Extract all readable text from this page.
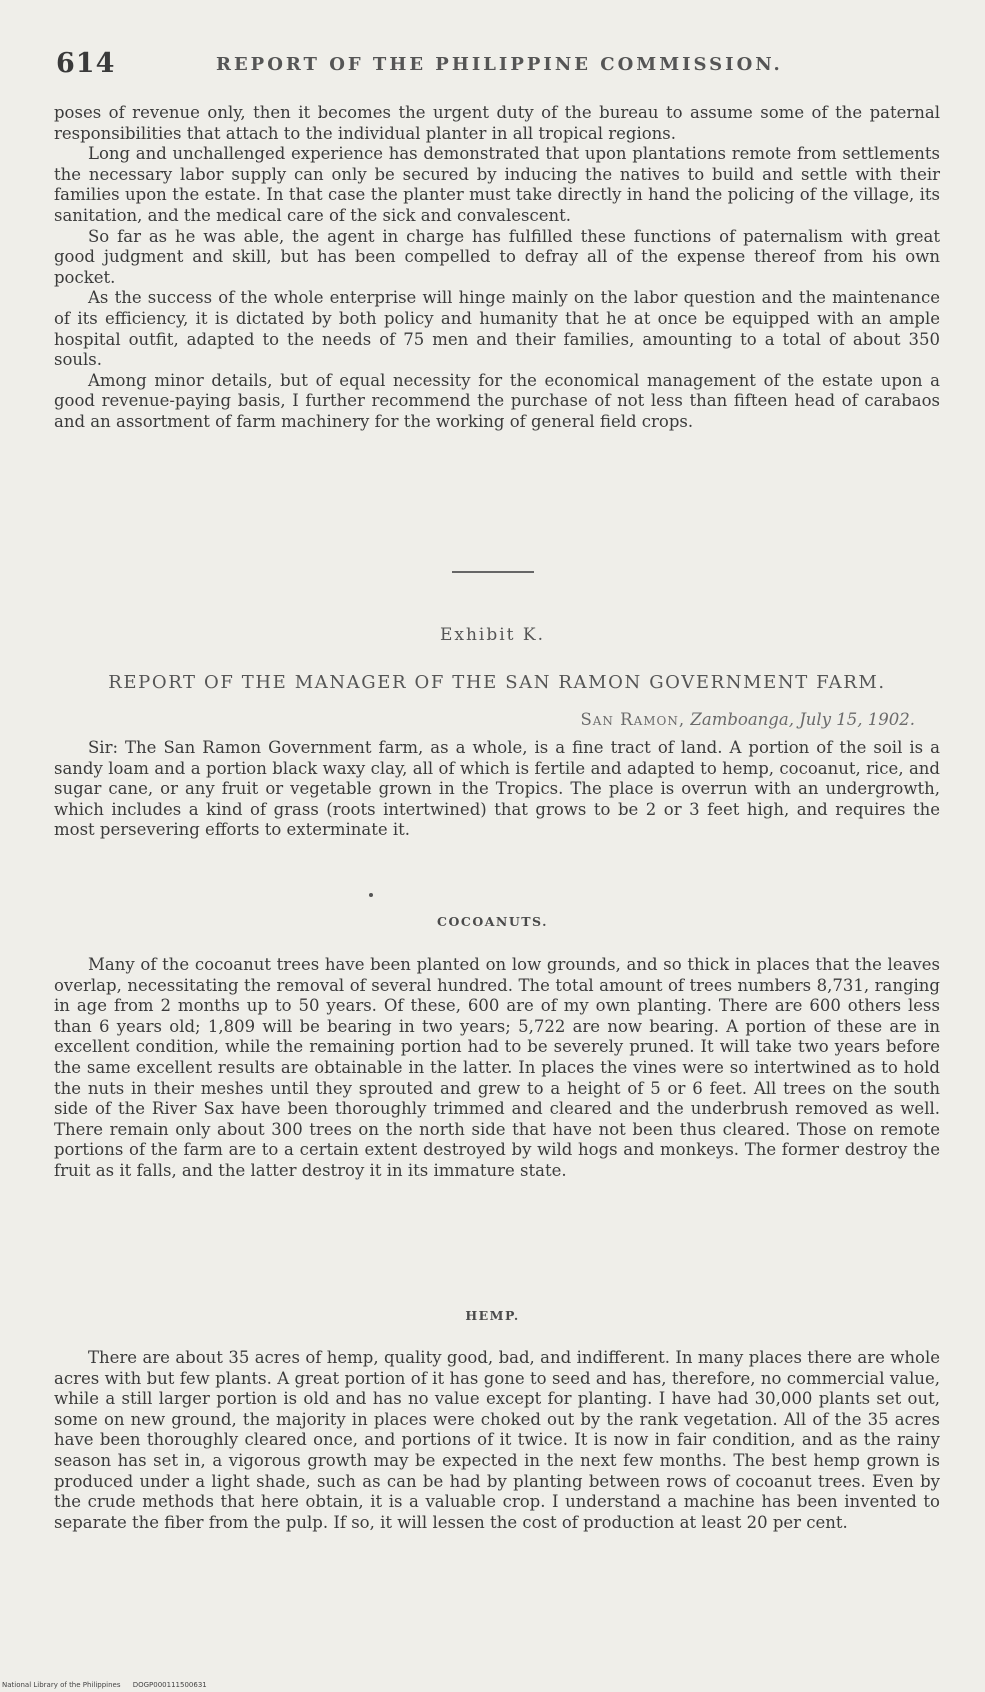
614	REPORT OF THE PHILIPPINE COMMISSION.

poses of revenue only, then it becomes the urgent duty of the bureau to assume some of the paternal responsibilities that attach to the individual planter in all tropical regions.

Long and unchallenged experience has demonstrated that upon plantations remote from settlements the necessary labor supply can only be secured by inducing the natives to build and settle with their families upon the estate. In that case the planter must take directly in hand the policing of the village, its sanitation, and the medical care of the sick and convalescent.

So far as he was able, the agent in charge has fulfilled these functions of paternalism with great good judgment and skill, but has been compelled to defray all of the expense thereof from his own pocket.

As the success of the whole enterprise will hinge mainly on the labor question and the maintenance of its efficiency, it is dictated by both policy and humanity that he at once be equipped with an ample hospital outfit, adapted to the needs of 75 men and their families, amounting to a total of about 350 souls.

Among minor details, but of equal necessity for the economical management of the estate upon a good revenue-paying basis, I further recommend the purchase of not less than fifteen head of carabaos and an assortment of farm machinery for the working of general field crops.

Exhibit K.
REPORT OF THE MANAGER OF THE SAN RAMON GOVERNMENT FARM.
San Ramon, Zamboanga, July 15, 1902.

Sir: The San Ramon Government farm, as a whole, is a fine tract of land. A portion of the soil is a sandy loam and a portion black waxy clay, all of which is fertile and adapted to hemp, cocoanut, rice, and sugar cane, or any fruit or vegetable grown in the Tropics. The place is overrun with an undergrowth, which includes a kind of grass (roots intertwined) that grows to be 2 or 3 feet high, and requires the most persevering efforts to exterminate it.

COCOANUTS.

Many of the cocoanut trees have been planted on low grounds, and so thick in places that the leaves overlap, necessitating the removal of several hundred. The total amount of trees numbers 8,731, ranging in age from 2 months up to 50 years. Of these, 600 are of my own planting. There are 600 others less than 6 years old; 1,809 will be bearing in two years; 5,722 are now bearing. A portion of these are in excellent condition, while the remaining portion had to be severely pruned. It will take two years before the same excellent results are obtainable in the latter. In places the vines were so intertwined as to hold the nuts in their meshes until they sprouted and grew to a height of 5 or 6 feet. All trees on the south side of the River Sax have been thoroughly trimmed and cleared and the underbrush removed as well. There remain only about 300 trees on the north side that have not been thus cleared. Those on remote portions of the farm are to a certain extent destroyed by wild hogs and monkeys. The former destroy the fruit as it falls, and the latter destroy it in its immature state.

HEMP.

There are about 35 acres of hemp, quality good, bad, and indifferent. In many places there are whole acres with but few plants. A great portion of it has gone to seed and has, therefore, no commercial value, while a still larger portion is old and has no value except for planting. I have had 30,000 plants set out, some on new ground, the majority in places were choked out by the rank vegetation. All of the 35 acres have been thoroughly cleared once, and portions of it twice. It is now in fair condition, and as the rainy season has set in, a vigorous growth may be expected in the next few months. The best hemp grown is produced under a light shade, such as can be had by planting between rows of cocoanut trees. Even by the crude methods that here obtain, it is a valuable crop. I understand a machine has been invented to separate the fiber from the pulp. If so, it will lessen the cost of production at least 20 per cent.

National Library of the Philippines DOGP000111500631
